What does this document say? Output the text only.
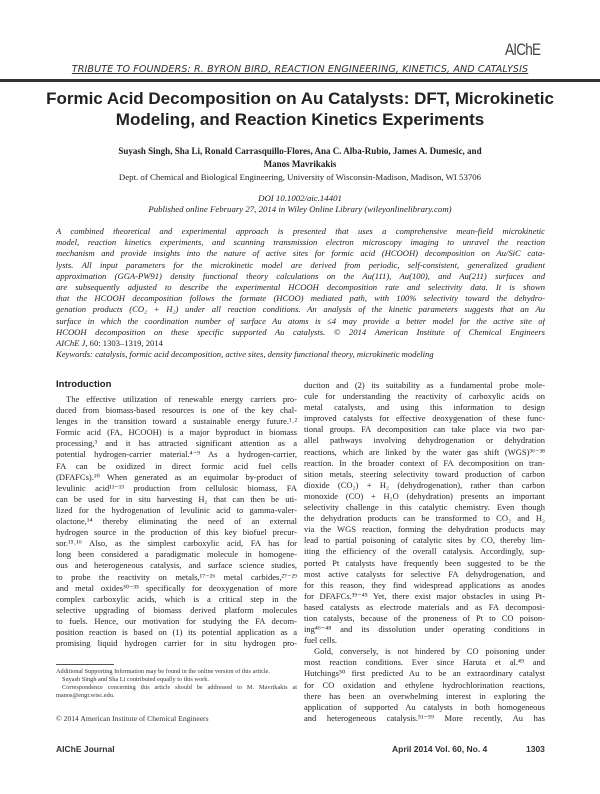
AIChE
TRIBUTE TO FOUNDERS: R. BYRON BIRD, REACTION ENGINEERING, KINETICS, AND CATALYSIS
Formic Acid Decomposition on Au Catalysts: DFT, Microkinetic
Modeling, and Reaction Kinetics Experiments
Suyash Singh, Sha Li, Ronald Carrasquillo-Flores, Ana C. Alba-Rubio, James A. Dumesic, and
Manos Mavrikakis
Dept. of Chemical and Biological Engineering, University of Wisconsin-Madison, Madison, WI 53706
DOI 10.1002/aic.14401
Published online February 27, 2014 in Wiley Online Library (wileyonlinelibrary.com)
A combined theoretical and experimental approach is presented that uses a comprehensive mean-field microkinetic
model, reaction kinetics experiments, and scanning transmission electron microscopy imaging to unravel the reaction
mechanism and provide insights into the nature of active sites for formic acid (HCOOH) decomposition on Au/SiC cata-
lysts. All input parameters for the microkinetic model are derived from periodic, self-consistent, generalized gradient
approximation (GGA-PW91) density functional theory calculations on the Au(111), Au(100), and Au(211) surfaces and
are subsequently adjusted to describe the experimental HCOOH decomposition rate and selectivity data. It is shown
that the HCOOH decomposition follows the formate (HCOO) mediated path, with 100% selectivity toward the dehydro-
genation products (CO₂ + H₂) under all reaction conditions. An analysis of the kinetic parameters suggests that an Au
surface in which the coordination number of surface Au atoms is ≤4 may provide a better model for the active site of
HCOOH decomposition on these specific supported Au catalysts. © 2014 American Institute of Chemical Engineers
AIChE J, 60: 1303–1319, 2014
Keywords: catalysis, formic acid decomposition, active sites, density functional theory, microkinetic modeling
Introduction
The effective utilization of renewable energy carriers pro-
duced from biomass-based resources is one of the key chal-
lenges in the transition toward a sustainable energy future.¹˒²
Formic acid (FA, HCOOH) is a major byproduct in biomass
processing,³ and it has attracted significant attention as a
potential hydrogen-carrier material.⁴⁻⁹ As a hydrogen-carrier,
FA can be oxidized in direct formic acid fuel cells
(DFAFCs).¹⁰ When generated as an equimolar by-product of
levulinic acid¹¹⁻¹³ production from cellulosic biomass, FA
can be used for in situ harvesting H₂ that can then be uti-
lized for the hydrogenation of levulinic acid to gamma-valer-
olactone,¹⁴ thereby eliminating the need of an external
hydrogen source in the production of this key biofuel precur-
sor.¹⁵˒¹⁶ Also, as the simplest carboxylic acid, FA has for
long been considered a paradigmatic molecule in homogene-
ous and heterogeneous catalysis, and surface science studies,
to probe the reactivity on metals,¹⁷⁻²⁶ metal carbides,²⁷⁻²⁹
and metal oxides³⁰⁻³⁵ specifically for deoxygenation of more
complex carboxylic acids, which is a critical step in the
selective upgrading of biomass derived platform molecules
to fuels. Hence, our motivation for studying the FA decom-
position reaction is based on (1) its potential application as a
promising liquid hydrogen carrier for in situ hydrogen pro-
duction and (2) its suitability as a fundamental probe mole-
cule for understanding the reactivity of carboxylic acids on
metal catalysts, and using this information to design
improved catalysts for effective deoxygenation of these func-
tional groups. FA decomposition can take place via two par-
allel pathways involving dehydrogenation or dehydration
reactions, which are linked by the water gas shift (WGS)³⁶⁻³⁸
reaction. In the broader context of FA decomposition on tran-
sition metals, steering selectivity toward production of carbon
dioxide (CO₂) + H₂ (dehydrogenation), rather than carbon
monoxide (CO) + H₂O (dehydration) presents an important
selectivity challenge in this catalytic chemistry. Even though
the dehydration products can be transformed to CO₂ and H₂
via the WGS reaction, forming the dehydration products may
lead to partial poisoning of catalytic sites by CO, thereby lim-
iting the efficiency of the overall catalysis. Accordingly, sup-
ported Pt catalysts have frequently been suggested to be the
most active catalysts for selective FA dehydrogenation, and
for this reason, they find widespread applications as anodes
for DFAFCs.³⁹⁻⁴⁵ Yet, there exist major obstacles in using Pt-
based catalysts as electrode materials and as FA decomposi-
tion catalysts, because of the proneness of Pt to CO poison-
ing⁴⁶⁻⁴⁸ and its dissolution under operating conditions in
fuel cells.
Gold, conversely, is not hindered by CO poisoning under
most reaction conditions. Ever since Haruta et al.⁴⁹ and
Hutchings⁵⁰ first predicted Au to be an extraordinary catalyst
for CO oxidation and ethylene hydrochlorination reactions,
there has been an overwhelming interest in exploring the
application of supported Au catalysts in both homogeneous
and heterogeneous catalysis.⁵¹⁻⁵⁹ More recently, Au has
Additional Supporting Information may be found in the online version of this article.
Suyash Singh and Sha Li contributed equally to this work.
Correspondence concerning this article should be addressed to M. Mavrikakis at manos@engr.wisc.edu.
© 2014 American Institute of Chemical Engineers
AIChE Journal	April 2014 Vol. 60, No. 4	1303
